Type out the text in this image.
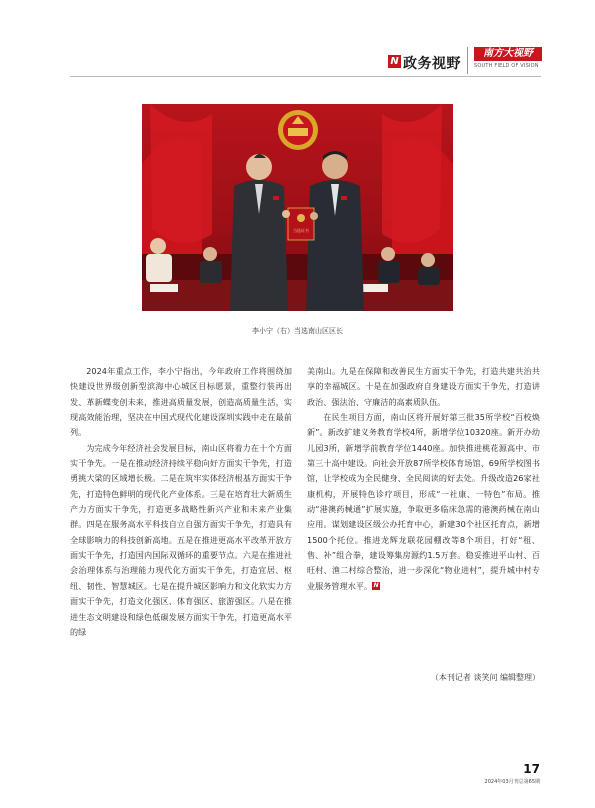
N 政务视野
南方大视野
SOUTH FIELD OF VISION
当选证书
李小宁（右）当选南山区区长

2024年重点工作，李小宁指出，今年政府工作将围绕加快建设世界级创新型滨海中心城区目标愿景，重整行装再出发、革新蝶变创未来，推进高质量发展，创造高质量生活，实现高效能治理，坚决在中国式现代化建设深圳实践中走在最前列。

为完成今年经济社会发展目标，南山区将着力在十个方面实干争先。一是在推动经济持续平稳向好方面实干争先，打造勇挑大梁的区域增长极。二是在筑牢实体经济根基方面实干争先，打造特色鲜明的现代化产业体系。三是在培育壮大新质生产力方面实干争先，打造更多战略性新兴产业和未来产业集群。四是在服务高水平科技自立自强方面实干争先，打造具有全球影响力的科技创新高地。五是在推进更高水平改革开放方面实干争先，打造国内国际双循环的重要节点。六是在推进社会治理体系与治理能力现代化方面实干争先，打造宜居、枢纽、韧性、智慧城区。七是在提升城区影响力和文化软实力方面实干争先，打造文化强区、体育强区、旅游强区。八是在推进生态文明建设和绿色低碳发展方面实干争先，打造更高水平的绿

美南山。九是在保障和改善民生方面实干争先，打造共建共治共享的幸福城区。十是在加强政府自身建设方面实干争先，打造讲政治、强法治、守廉洁的高素质队伍。

在民生项目方面，南山区将开展好第三批35所学校“百校焕新”。新改扩建义务教育学校4所，新增学位10320座。新开办幼儿园3所，新增学前教育学位1440座。加快推进桃花源高中、市第三十高中建设。向社会开放87所学校体育场馆、69所学校图书馆，让学校成为全民健身、全民阅读的好去处。升级改造26家社康机构，开展特色诊疗项目，形成“一社康、一特色”布局。推动“港澳药械通”扩展实施，争取更多临床急需的港澳药械在南山应用。谋划建设区级公办托育中心，新建30个社区托育点，新增1500个托位。推进龙辉龙联花园棚改等8个项目，打好“租、售、补”组合拳，建设筹集房源约1.5万套。稳妥推进平山村、百旺村、渔二村综合整治，进一步深化“物业进村”，提升城中村专业服务管理水平。N

（本刊记者 谈笑问 编辑整理）
17
2024年03月刊总第65期
